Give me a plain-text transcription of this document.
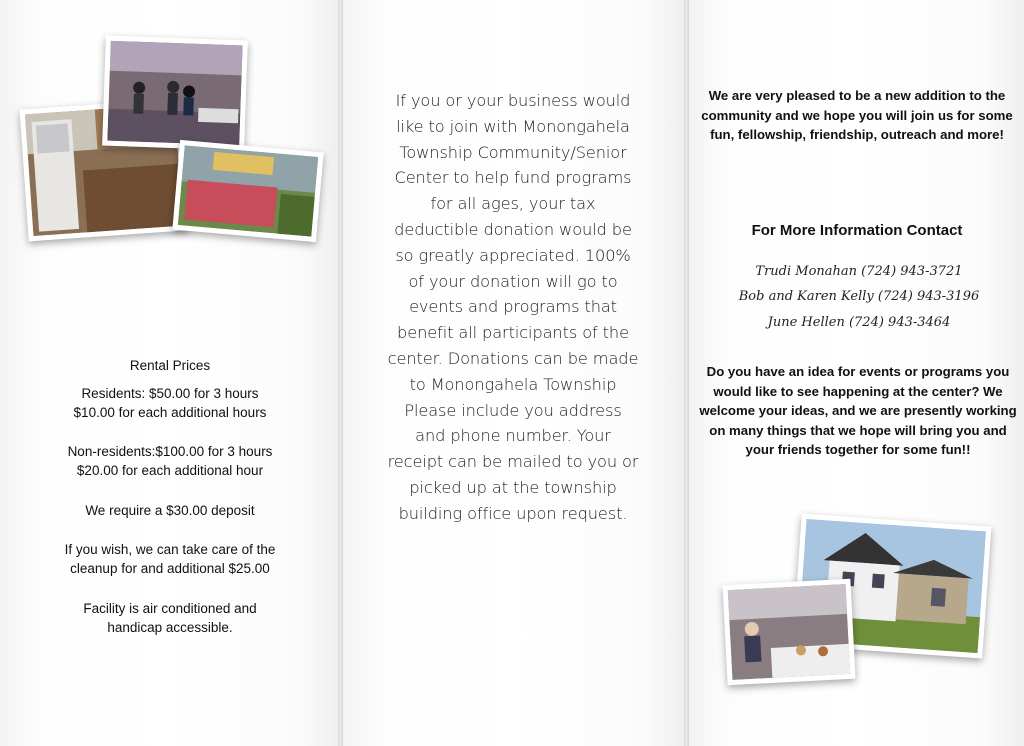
Rental Prices

Residents: $50.00 for 3 hours

$10.00 for each additional hours

Non-residents:$100.00 for 3 hours

$20.00 for each additional hour

We require a $30.00 deposit

If you wish, we can take care of the

cleanup for and additional $25.00

Facility is air conditioned and

handicap accessible.

If you or your business would like to join with Monongahela Township Community/Senior Center to help fund programs for all ages, your tax deductible donation would be so greatly appreciated. 100% of your donation will go to events and programs that benefit all participants of the center. Donations can be made to Monongahela Township
Please include you address and phone number. Your receipt can be mailed to you or picked up at the township building office upon request.
We are very pleased to be a new addition to the community and we hope you will join us for some fun, fellowship, friendship, outreach and more!
For More Information Contact
Trudi Monahan (724) 943-3721
Bob and Karen Kelly (724) 943-3196
June Hellen (724) 943-3464
Do you have an idea for events or programs you would like to see happening at the center? We welcome your ideas, and we are presently working on many things that we hope will bring you and your friends together for some fun!!
